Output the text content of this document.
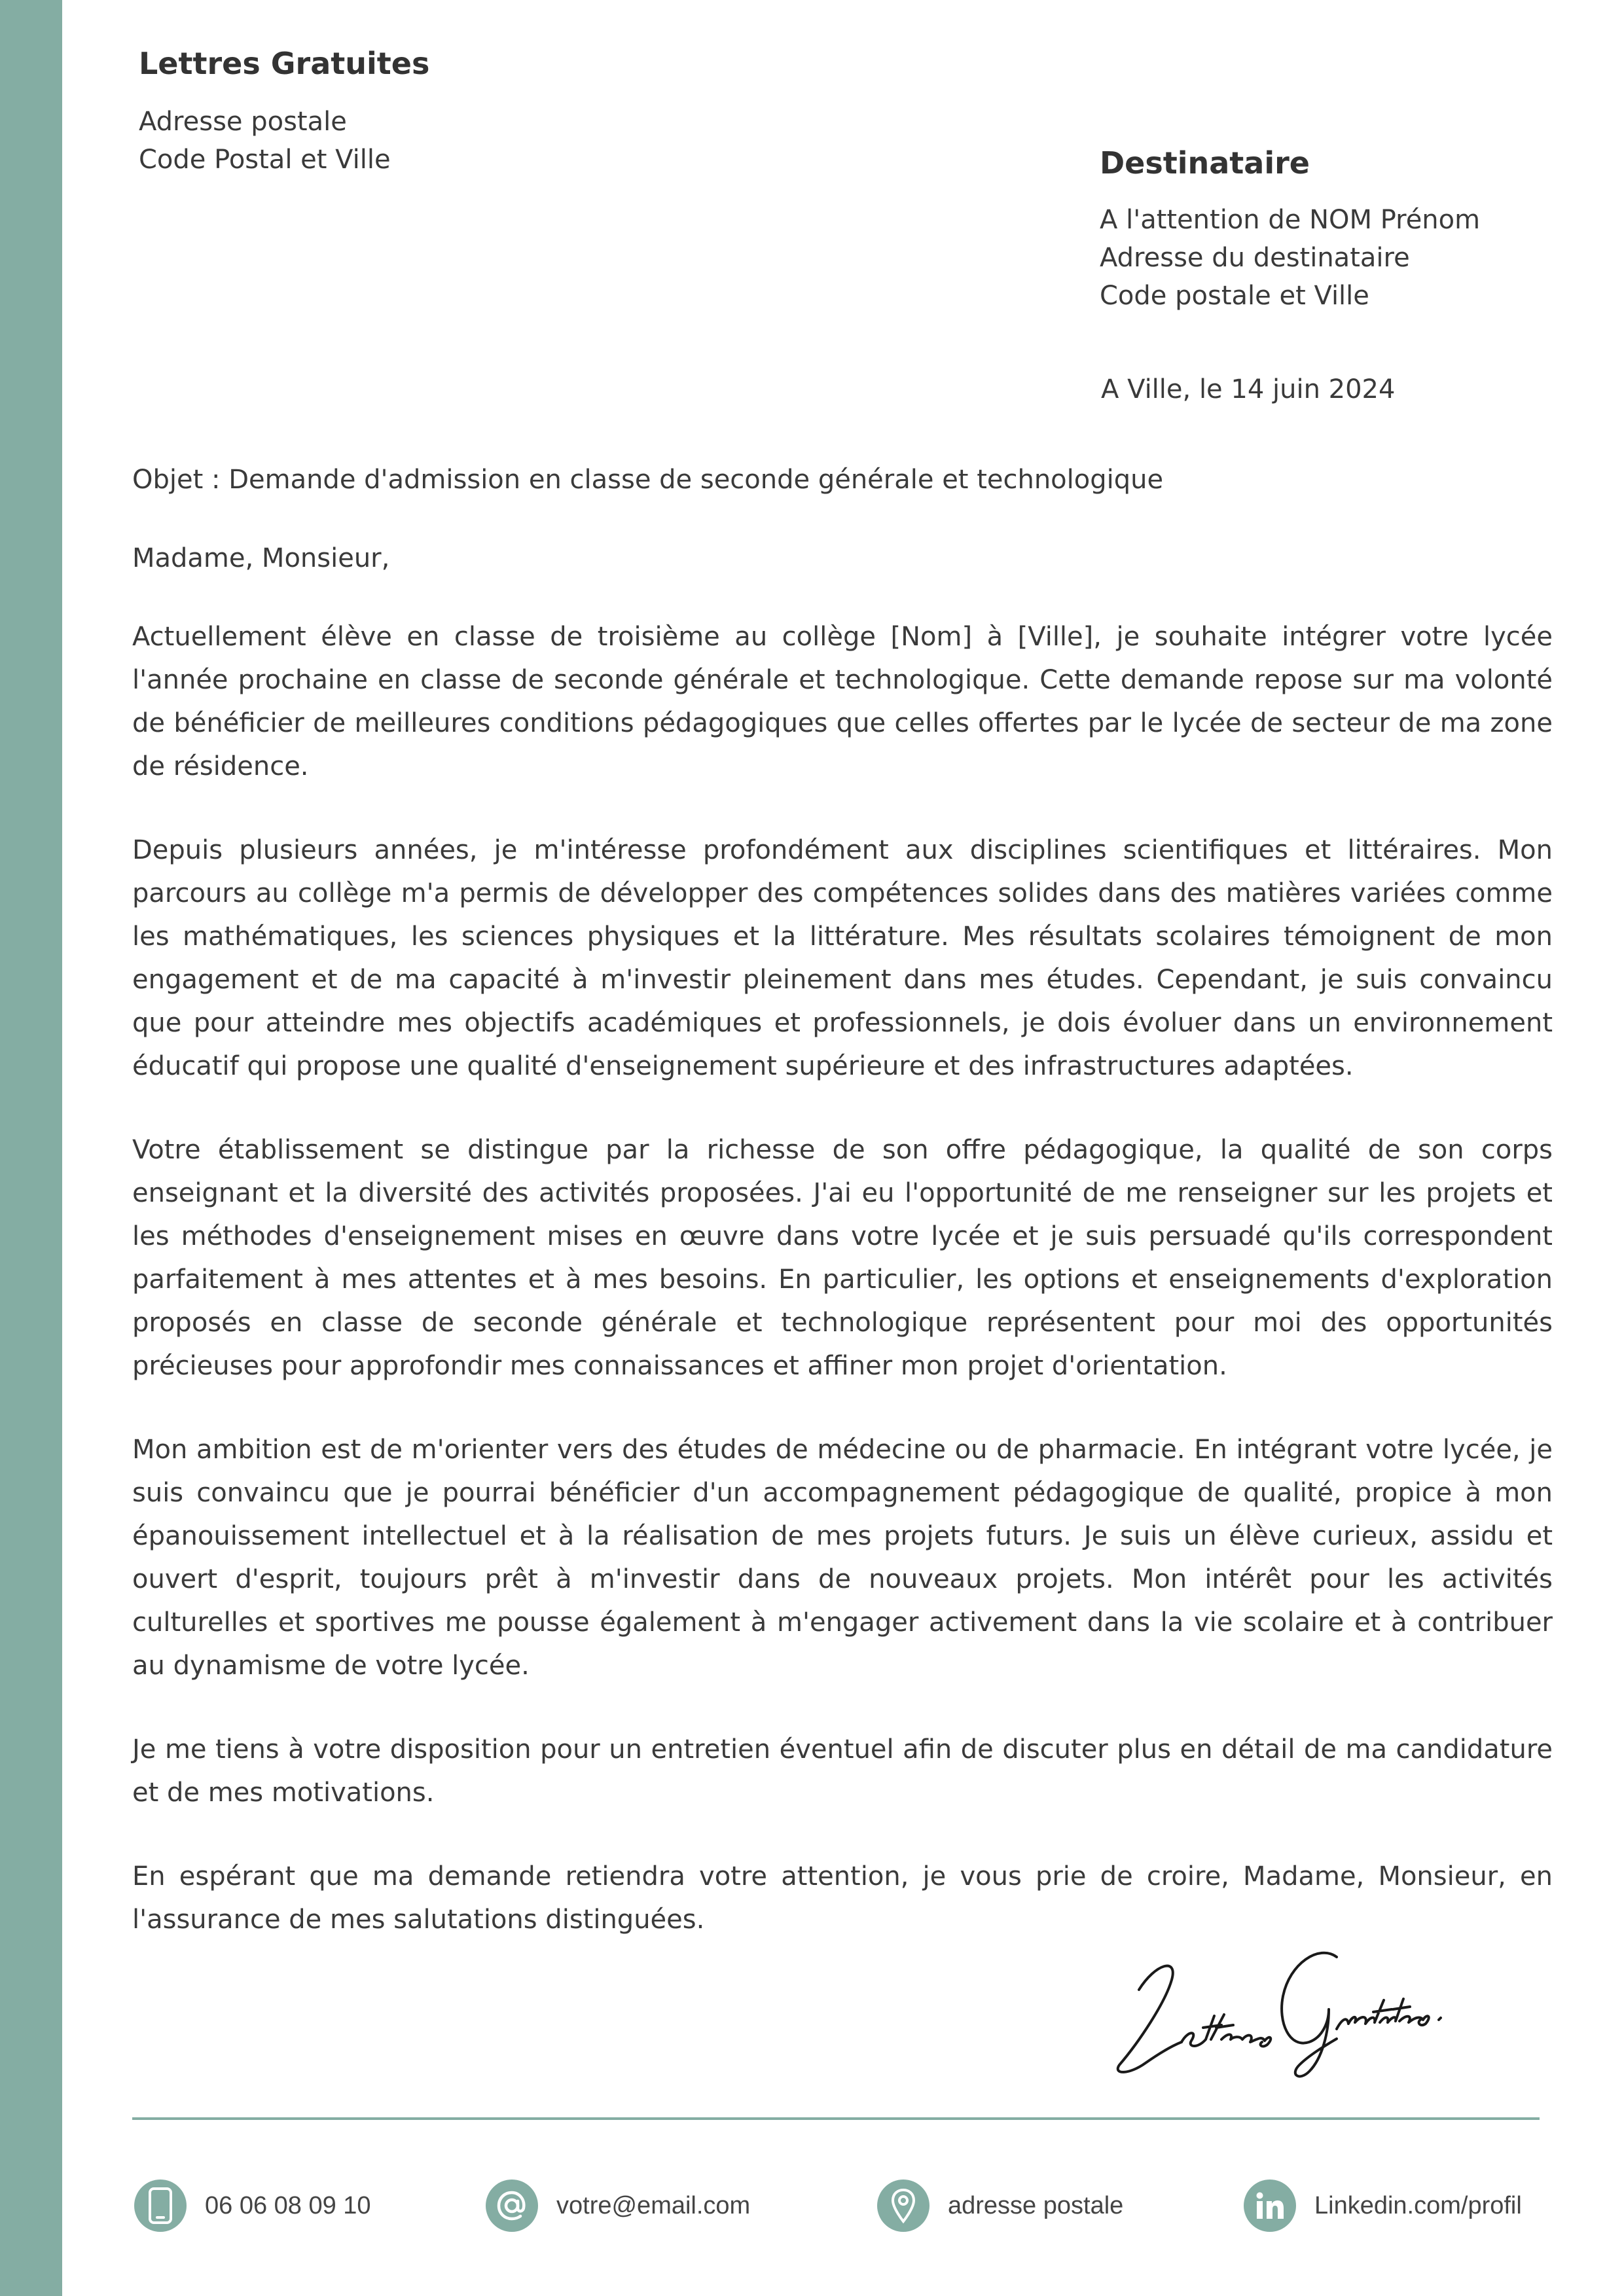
Lettres Gratuites
Adresse postale
Code Postal et Ville	Destinataire
A l'attention de NOM Prénom
Adresse du destinataire
Code postale et Ville
A Ville, le 14 juin 2024

Objet : Demande d'admission en classe de seconde générale et technologique

Madame, Monsieur,

Actuellement élève en classe de troisième au collège [Nom] à [Ville], je souhaite intégrer votre lycée l'année prochaine en classe de seconde générale et technologique. Cette demande repose sur ma volonté de bénéficier de meilleures conditions pédagogiques que celles offertes par le lycée de secteur de ma zone de résidence.

Depuis plusieurs années, je m'intéresse profondément aux disciplines scientifiques et littéraires. Mon parcours au collège m'a permis de développer des compétences solides dans des matières variées comme les mathématiques, les sciences physiques et la littérature. Mes résultats scolaires témoignent de mon engagement et de ma capacité à m'investir pleinement dans mes études. Cependant, je suis convaincu que pour atteindre mes objectifs académiques et professionnels, je dois évoluer dans un environnement éducatif qui propose une qualité d'enseignement supérieure et des infrastructures adaptées.

Votre établissement se distingue par la richesse de son offre pédagogique, la qualité de son corps enseignant et la diversité des activités proposées. J'ai eu l'opportunité de me renseigner sur les projets et les méthodes d'enseignement mises en œuvre dans votre lycée et je suis persuadé qu'ils correspondent parfaitement à mes attentes et à mes besoins. En particulier, les options et enseignements d'exploration proposés en classe de seconde générale et technologique représentent pour moi des opportunités précieuses pour approfondir mes connaissances et affiner mon projet d'orientation.

Mon ambition est de m'orienter vers des études de médecine ou de pharmacie. En intégrant votre lycée, je suis convaincu que je pourrai bénéficier d'un accompagnement pédagogique de qualité, propice à mon épanouissement intellectuel et à la réalisation de mes projets futurs. Je suis un élève curieux, assidu et ouvert d'esprit, toujours prêt à m'investir dans de nouveaux projets. Mon intérêt pour les activités culturelles et sportives me pousse également à m'engager activement dans la vie scolaire et à contribuer au dynamisme de votre lycée.

Je me tiens à votre disposition pour un entretien éventuel afin de discuter plus en détail de ma candidature et de mes motivations.

En espérant que ma demande retiendra votre attention, je vous prie de croire, Madame, Monsieur, en l'assurance de mes salutations distinguées.

06 06 08 09 10	votre@email.com	adresse postale	Linkedin.com/profil
